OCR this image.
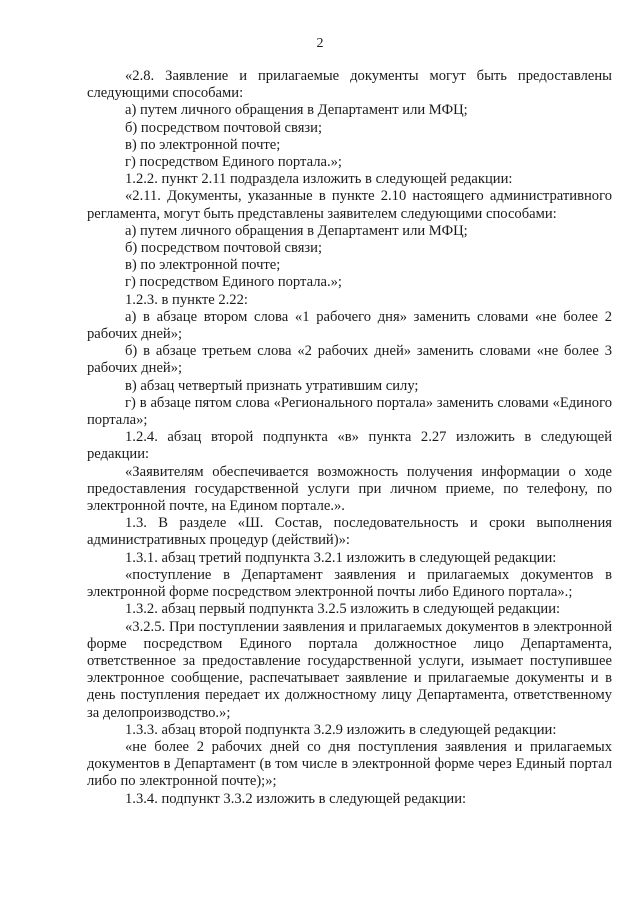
2

«2.8. Заявление и прилагаемые документы могут быть предоставлены следующими способами:

а) путем личного обращения в Департамент или МФЦ;

б) посредством почтовой связи;

в) по электронной почте;

г) посредством Единого портала.»;

1.2.2. пункт 2.11 подраздела изложить в следующей редакции:

«2.11. Документы, указанные в пункте 2.10 настоящего административного регламента, могут быть представлены заявителем следующими способами:

а) путем личного обращения в Департамент или МФЦ;

б) посредством почтовой связи;

в) по электронной почте;

г) посредством Единого портала.»;

1.2.3. в пункте 2.22:

а) в абзаце втором слова «1 рабочего дня» заменить словами «не более 2 рабочих дней»;

б) в абзаце третьем слова «2 рабочих дней» заменить словами «не более 3 рабочих дней»;

в) абзац четвертый признать утратившим силу;

г) в абзаце пятом слова «Регионального портала» заменить словами «Единого портала»;

1.2.4. абзац второй подпункта «в» пункта 2.27 изложить в следующей редакции:

«Заявителям обеспечивается возможность получения информации о ходе предоставления государственной услуги при личном приеме, по телефону, по электронной почте, на Едином портале.».

1.3. В разделе «Ш. Состав, последовательность и сроки выполнения административных процедур (действий)»:

1.3.1. абзац третий подпункта 3.2.1 изложить в следующей редакции:

«поступление в Департамент заявления и прилагаемых документов в электронной форме посредством электронной почты либо Единого портала».;

1.3.2. абзац первый подпункта 3.2.5 изложить в следующей редакции:

«3.2.5. При поступлении заявления и прилагаемых документов в электронной форме посредством Единого портала должностное лицо Департамента, ответственное за предоставление государственной услуги, изымает поступившее электронное сообщение, распечатывает заявление и прилагаемые документы и в день поступления передает их должностному лицу Департамента, ответственному за делопроизводство.»;

1.3.3. абзац второй подпункта 3.2.9 изложить в следующей редакции:

«не более 2 рабочих дней со дня поступления заявления и прилагаемых документов в Департамент (в том числе в электронной форме через Единый портал либо по электронной почте);»;

1.3.4. подпункт 3.3.2 изложить в следующей редакции:
